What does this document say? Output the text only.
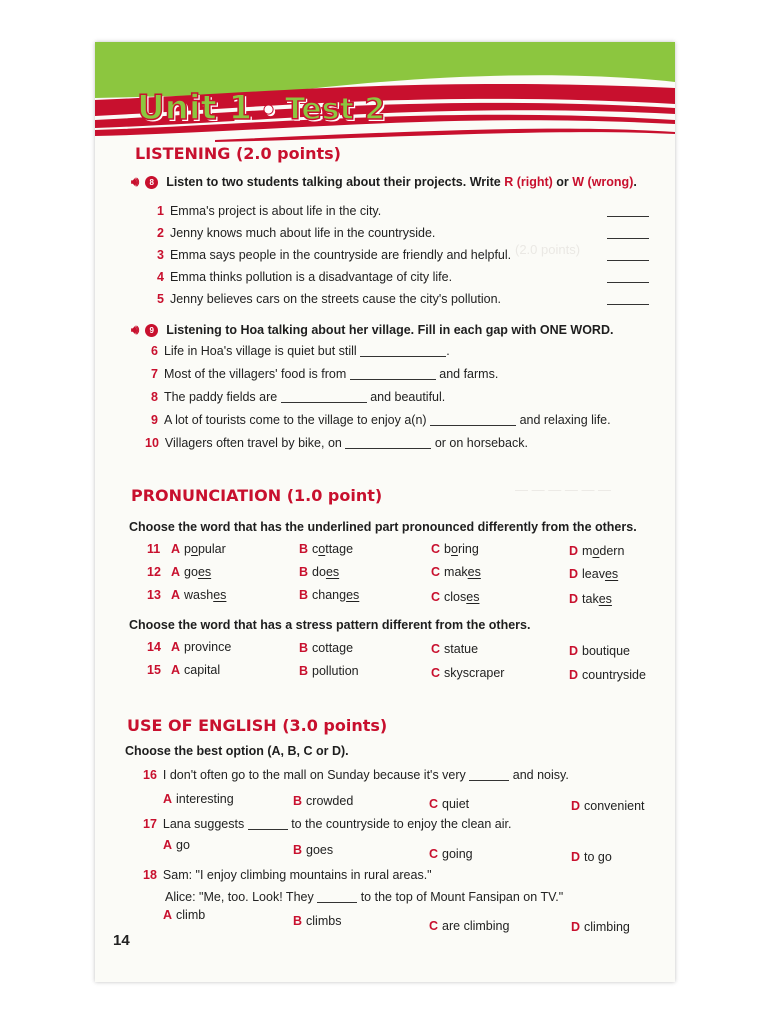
Unit 1 • Test 2
(2.0 points)
— — — — — —
LISTENING (2.0 points)
🔊︎ 8 Listen to two students talking about their projects. Write R (right) or W (wrong).
1 Emma's project is about life in the city.
2 Jenny knows much about life in the countryside.
3 Emma says people in the countryside are friendly and helpful.
4 Emma thinks pollution is a disadvantage of city life.
5 Jenny believes cars on the streets cause the city's pollution.
🔊︎ 9 Listening to Hoa talking about her village. Fill in each gap with ONE WORD.
6 Life in Hoa's village is quiet but still	.
7 Most of the villagers' food is from	and farms.
8 The paddy fields are	and beautiful.
9 A lot of tourists come to the village to enjoy a(n)	and relaxing life.
10 Villagers often travel by bike, on	or on horseback.
PRONUNCIATION (1.0 point)
Choose the word that has the underlined part pronounced differently from the others.
11 A popular	B cottage	C boring	D modern
12 A goes	B does	C makes	D leaves
13 A washes	B changes	C closes	D takes
Choose the word that has a stress pattern different from the others.
14 A province	B cottage	C statue	D boutique
15 A capital	B pollution	C skyscraper	D countryside
USE OF ENGLISH (3.0 points)
Choose the best option (A, B, C or D).
16 I don't often go to the mall on Sunday because it's very	and noisy.
A interesting	B crowded	C quiet	D convenient
17 Lana suggests	to the countryside to enjoy the clean air.
A go	B goes	C going	D to go
18 Sam: "I enjoy climbing mountains in rural areas."
Alice: "Me, too. Look! They	to the top of Mount Fansipan on TV."
A climb	B climbs	C are climbing	D climbing
14
